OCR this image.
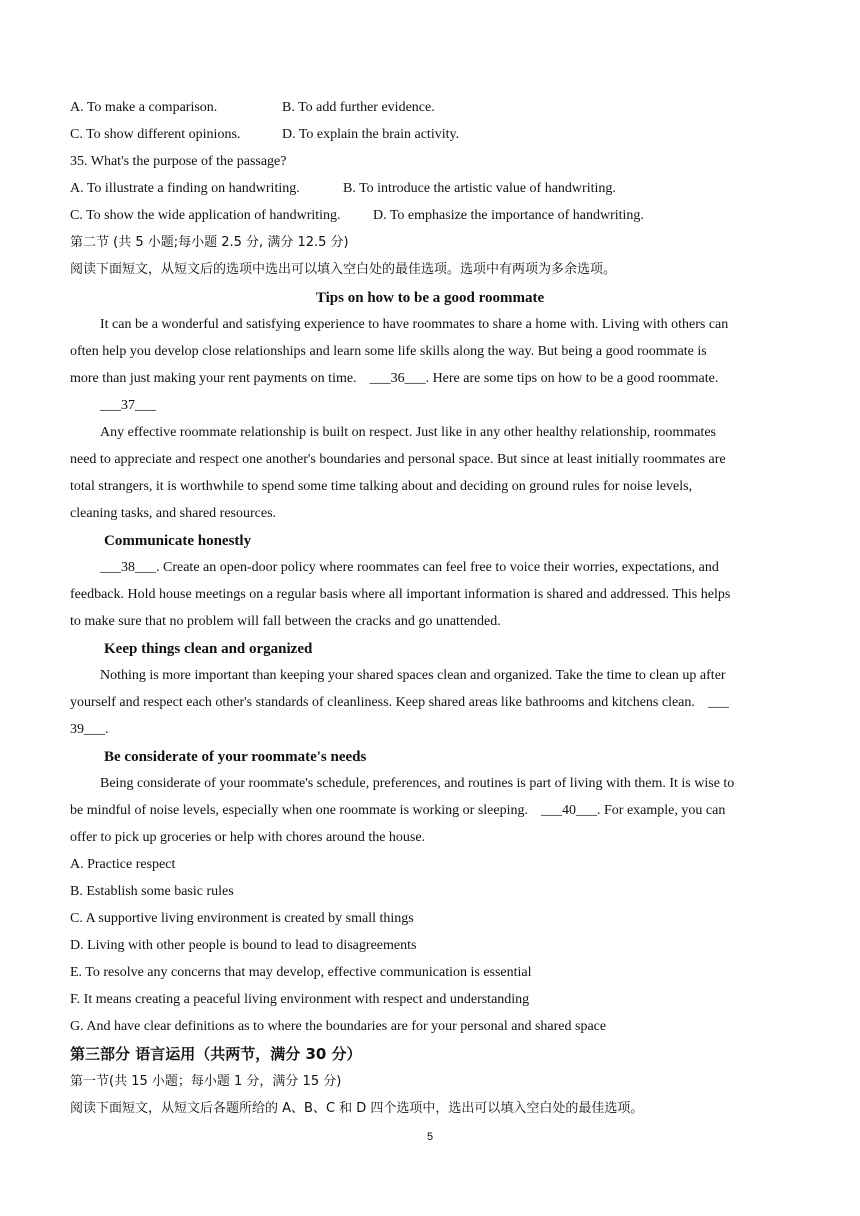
A. To make a comparison.	B. To add further evidence.
C. To show different opinions.	D. To explain the brain activity.
35. What's the purpose of the passage?
A. To illustrate a finding on handwriting.	B. To introduce the artistic value of handwriting.
C. To show the wide application of handwriting. D. To emphasize the importance of handwriting.
第二节 (共 5 小题;每小题 2.5 分, 满分 12.5 分)
阅读下面短文，从短文后的选项中选出可以填入空白处的最佳选项。选项中有两项为多余选项。
Tips on how to be a good roommate
It can be a wonderful and satisfying experience to have roommates to share a home with. Living with others can
often help you develop close relationships and learn some life skills along the way. But being a good roommate is
more than just making your rent payments on time. ___36___. Here are some tips on how to be a good roommate.
___37___
Any effective roommate relationship is built on respect. Just like in any other healthy relationship, roommates
need to appreciate and respect one another's boundaries and personal space. But since at least initially roommates are
total strangers, it is worthwhile to spend some time talking about and deciding on ground rules for noise levels,
cleaning tasks, and shared resources.
Communicate honestly
___38___. Create an open-door policy where roommates can feel free to voice their worries, expectations, and
feedback. Hold house meetings on a regular basis where all important information is shared and addressed. This helps
to make sure that no problem will fall between the cracks and go unattended.
Keep things clean and organized
Nothing is more important than keeping your shared spaces clean and organized. Take the time to clean up after
yourself and respect each other's standards of cleanliness. Keep shared areas like bathrooms and kitchens clean. ___
39___.
Be considerate of your roommate's needs
Being considerate of your roommate's schedule, preferences, and routines is part of living with them. It is wise to
be mindful of noise levels, especially when one roommate is working or sleeping. ___40___. For example, you can
offer to pick up groceries or help with chores around the house.
A. Practice respect
B. Establish some basic rules
C. A supportive living environment is created by small things
D. Living with other people is bound to lead to disagreements
E. To resolve any concerns that may develop, effective communication is essential
F. It means creating a peaceful living environment with respect and understanding
G. And have clear definitions as to where the boundaries are for your personal and shared space
第三部分 语言运用（共两节，满分 30 分）
第一节(共 15 小题；每小题 1 分，满分 15 分)
阅读下面短文，从短文后各题所给的 A、B、C 和 D 四个选项中，选出可以填入空白处的最佳选项。
5
